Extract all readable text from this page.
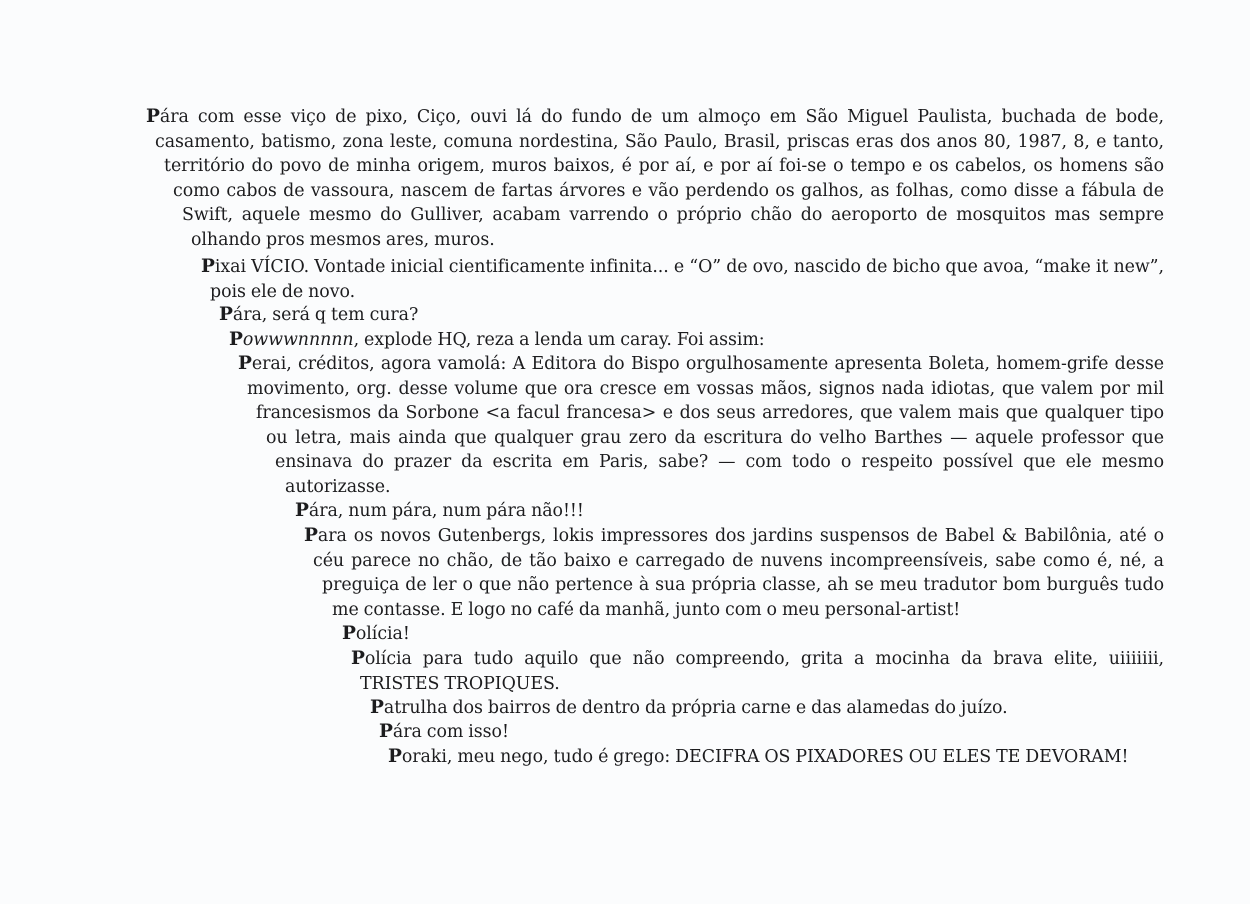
Pára com esse viço de pixo, Ciço, ouvi lá do fundo de um almoço em São Miguel Paulista, buchada de bode,
casamento, batismo, zona leste, comuna nordestina, São Paulo, Brasil, priscas eras dos anos 80, 1987, 8, e tanto,
território do povo de minha origem, muros baixos, é por aí, e por aí foi-se o tempo e os cabelos, os homens são
como cabos de vassoura, nascem de fartas árvores e vão perdendo os galhos, as folhas, como disse a fábula de
Swift, aquele mesmo do Gulliver, acabam varrendo o próprio chão do aeroporto de mosquitos mas sempre
olhando pros mesmos ares, muros.
Pixai VÍCIO. Vontade inicial cientificamente infinita... e “O” de ovo, nascido de bicho que avoa, “make it new”,
pois ele de novo.
Pára, será q tem cura?
Powwwnnnnn, explode HQ, reza a lenda um caray. Foi assim:
Perai, créditos, agora vamolá: A Editora do Bispo orgulhosamente apresenta Boleta, homem-grife desse
movimento, org. desse volume que ora cresce em vossas mãos, signos nada idiotas, que valem por mil
francesismos da Sorbone <a facul francesa> e dos seus arredores, que valem mais que qualquer tipo
ou letra, mais ainda que qualquer grau zero da escritura do velho Barthes — aquele professor que
ensinava do prazer da escrita em Paris, sabe? — com todo o respeito possível que ele mesmo
autorizasse.
Pára, num pára, num pára não!!!
Para os novos Gutenbergs, lokis impressores dos jardins suspensos de Babel & Babilônia, até o
céu parece no chão, de tão baixo e carregado de nuvens incompreensíveis, sabe como é, né, a
preguiça de ler o que não pertence à sua própria classe, ah se meu tradutor bom burguês tudo
me contasse. E logo no café da manhã, junto com o meu personal-artist!
Polícia!
Polícia para tudo aquilo que não compreendo, grita a mocinha da brava elite, uiiiiiii,
TRISTES TROPIQUES.
Patrulha dos bairros de dentro da própria carne e das alamedas do juízo.
Pára com isso!
Poraki, meu nego, tudo é grego: DECIFRA OS PIXADORES OU ELES TE DEVORAM!
